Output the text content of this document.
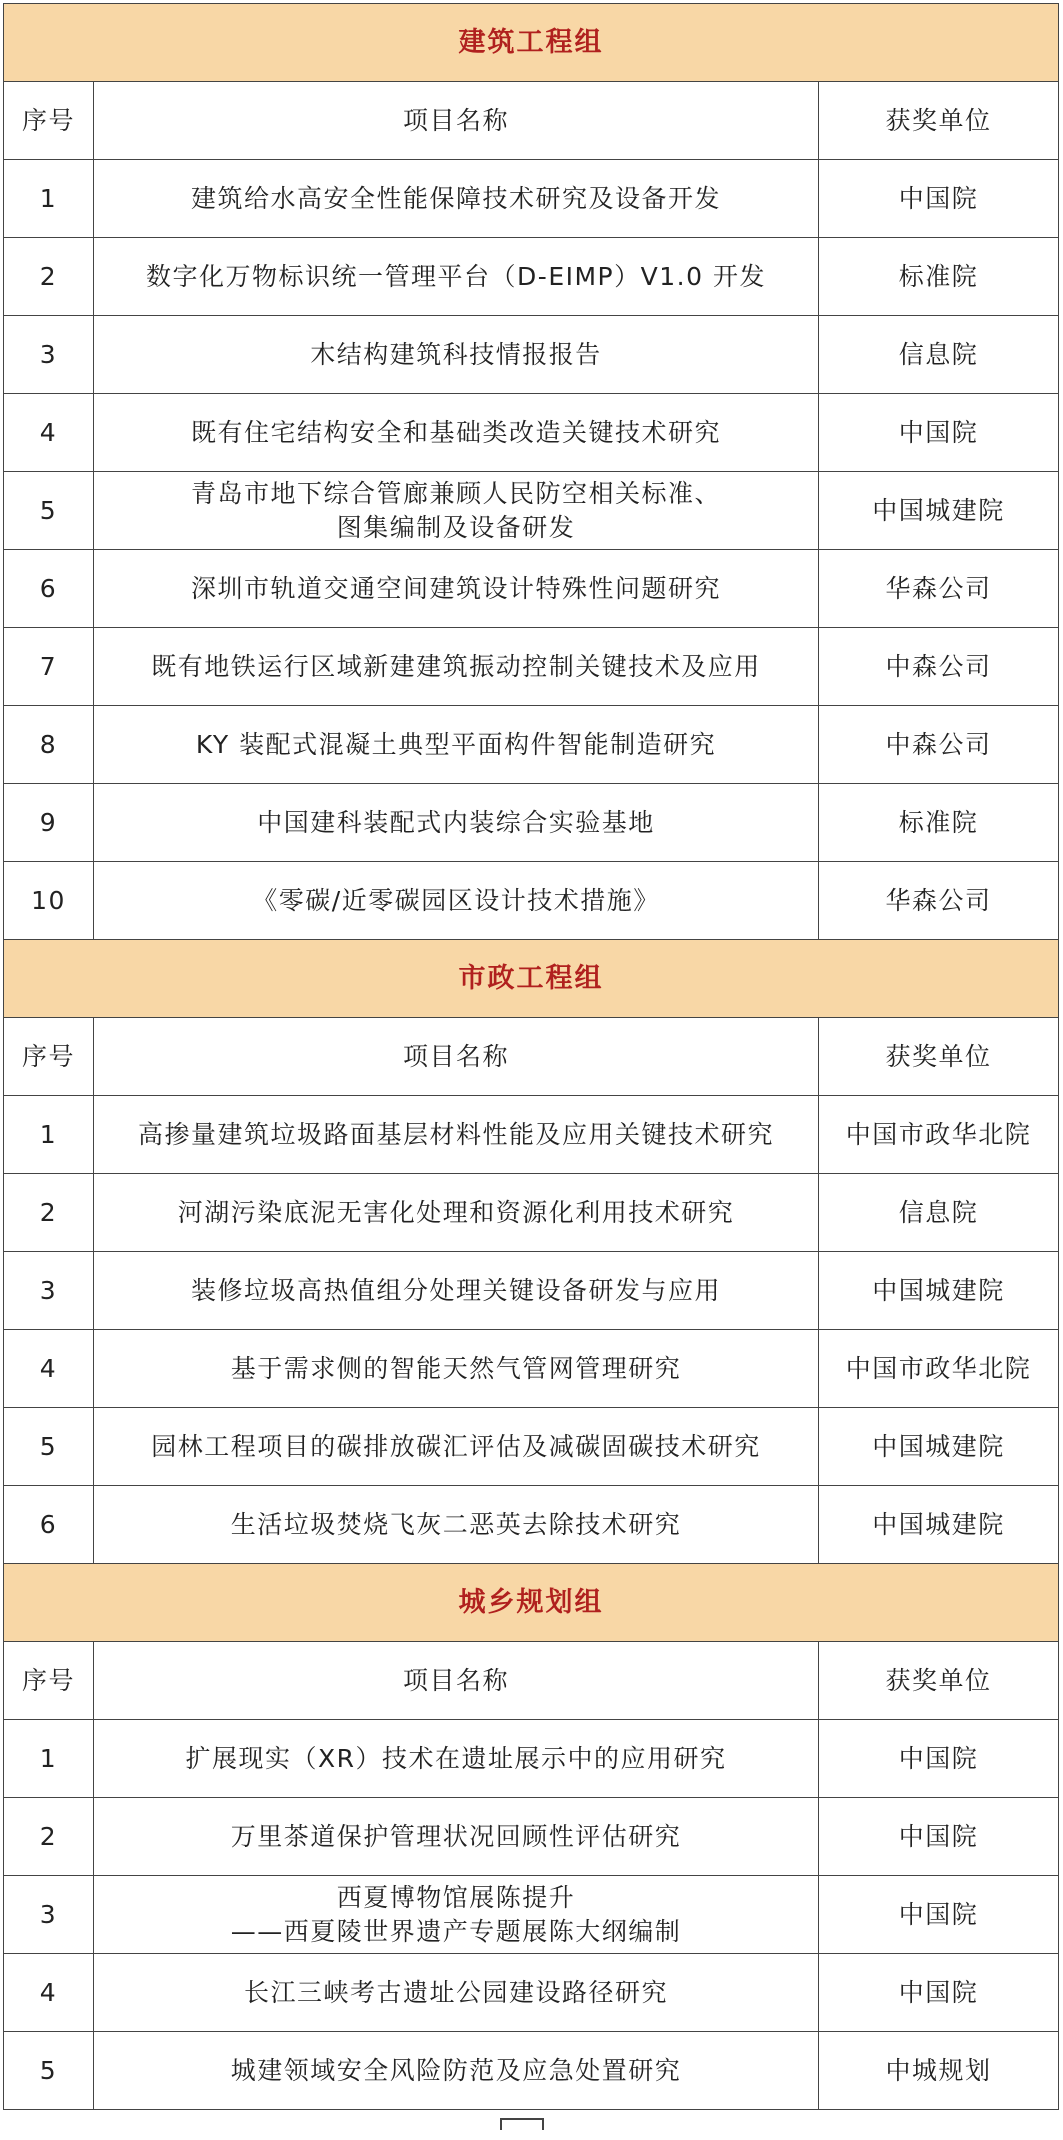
建筑工程组		
序号	项目名称	获奖单位
1	建筑给水高安全性能保障技术研究及设备开发	中国院
2	数字化万物标识统一管理平台（D-EIMP）V1.0 开发	标准院
3	木结构建筑科技情报报告	信息院
4	既有住宅结构安全和基础类改造关键技术研究	中国院
5	青岛市地下综合管廊兼顾人民防空相关标准、
图集编制及设备研发	中国城建院
6	深圳市轨道交通空间建筑设计特殊性问题研究	华森公司
7	既有地铁运行区域新建建筑振动控制关键技术及应用	中森公司
8	KY 装配式混凝土典型平面构件智能制造研究	中森公司
9	中国建科装配式内装综合实验基地	标准院
10	《零碳/近零碳园区设计技术措施》	华森公司
市政工程组		
序号	项目名称	获奖单位
1	高掺量建筑垃圾路面基层材料性能及应用关键技术研究	中国市政华北院
2	河湖污染底泥无害化处理和资源化利用技术研究	信息院
3	装修垃圾高热值组分处理关键设备研发与应用	中国城建院
4	基于需求侧的智能天然气管网管理研究	中国市政华北院
5	园林工程项目的碳排放碳汇评估及减碳固碳技术研究	中国城建院
6	生活垃圾焚烧飞灰二恶英去除技术研究	中国城建院
城乡规划组		
序号	项目名称	获奖单位
1	扩展现实（XR）技术在遗址展示中的应用研究	中国院
2	万里茶道保护管理状况回顾性评估研究	中国院
3	西夏博物馆展陈提升
——西夏陵世界遗产专题展陈大纲编制	中国院
4	长江三峡考古遗址公园建设路径研究	中国院
5	城建领域安全风险防范及应急处置研究	中城规划
